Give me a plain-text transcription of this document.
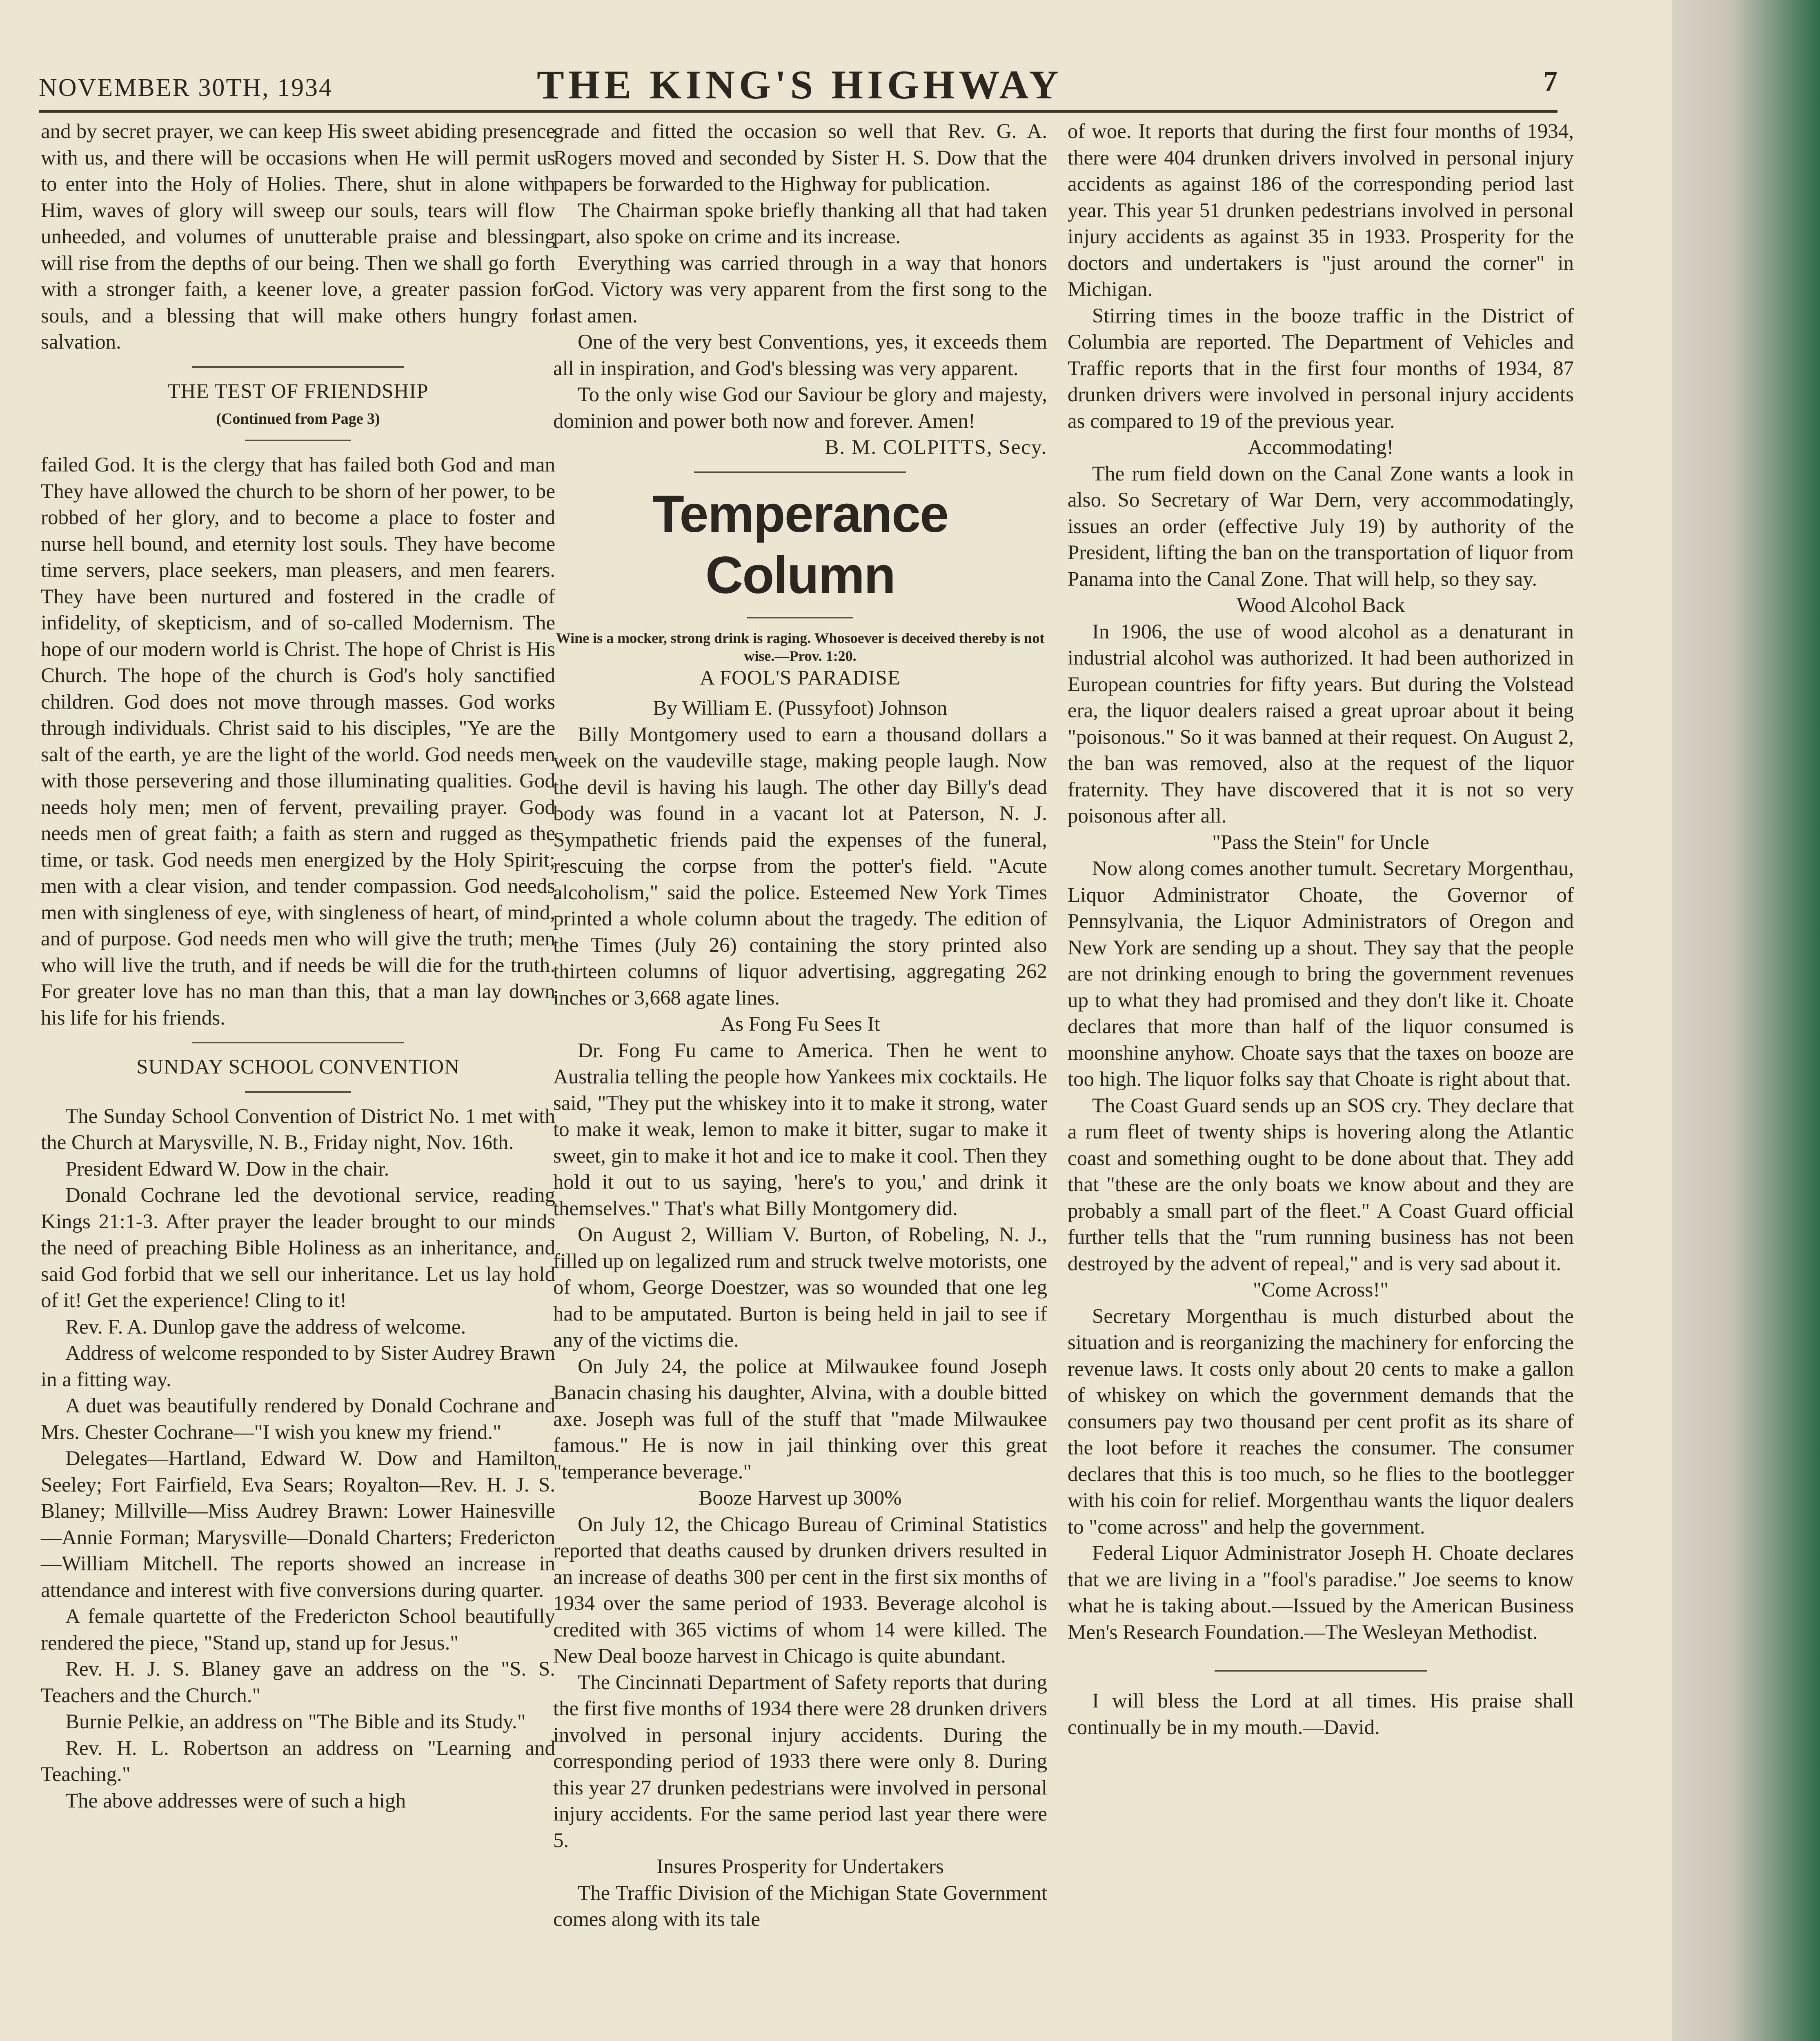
NOVEMBER 30TH, 1934	THE KING'S HIGHWAY	7

and by secret prayer, we can keep His sweet abiding presence with us, and there will be occasions when He will permit us to enter into the Holy of Holies. There, shut in alone with Him, waves of glory will sweep our souls, tears will flow unheeded, and volumes of unutterable praise and blessing will rise from the depths of our being. Then we shall go forth with a stronger faith, a keener love, a greater passion for souls, and a blessing that will make others hungry for salvation.

THE TEST OF FRIENDSHIP
(Continued from Page 3)

failed God. It is the clergy that has failed both God and man They have allowed the church to be shorn of her power, to be robbed of her glory, and to become a place to foster and nurse hell bound, and eternity lost souls. They have become time servers, place seekers, man pleasers, and men fearers. They have been nurtured and fostered in the cradle of infidelity, of skepticism, and of so-called Modernism. The hope of our modern world is Christ. The hope of Christ is His Church. The hope of the church is God's holy sanctified children. God does not move through masses. God works through individuals. Christ said to his disciples, "Ye are the salt of the earth, ye are the light of the world. God needs men with those persevering and those illuminating qualities. God needs holy men; men of fervent, prevailing prayer. God needs men of great faith; a faith as stern and rugged as the time, or task. God needs men energized by the Holy Spirit; men with a clear vision, and tender compassion. God needs men with singleness of eye, with singleness of heart, of mind, and of purpose. God needs men who will give the truth; men who will live the truth, and if needs be will die for the truth. For greater love has no man than this, that a man lay down his life for his friends.

SUNDAY SCHOOL CONVENTION

The Sunday School Convention of District No. 1 met with the Church at Marysville, N. B., Friday night, Nov. 16th.

President Edward W. Dow in the chair.

Donald Cochrane led the devotional service, reading Kings 21:1-3. After prayer the leader brought to our minds the need of preaching Bible Holiness as an inheritance, and said God forbid that we sell our inheritance. Let us lay hold of it! Get the experience! Cling to it!

Rev. F. A. Dunlop gave the address of welcome.

Address of welcome responded to by Sister Audrey Brawn in a fitting way.

A duet was beautifully rendered by Donald Cochrane and Mrs. Chester Cochrane—"I wish you knew my friend."

Delegates—Hartland, Edward W. Dow and Hamilton Seeley; Fort Fairfield, Eva Sears; Royalton—Rev. H. J. S. Blaney; Millville—Miss Audrey Brawn: Lower Hainesville—Annie Forman; Marysville—Donald Charters; Fredericton—William Mitchell. The reports showed an increase in attendance and interest with five conversions during quarter.

A female quartette of the Fredericton School beautifully rendered the piece, "Stand up, stand up for Jesus."

Rev. H. J. S. Blaney gave an address on the "S. S. Teachers and the Church."

Burnie Pelkie, an address on "The Bible and its Study."

Rev. H. L. Robertson an address on "Learning and Teaching."

The above addresses were of such a high

grade and fitted the occasion so well that Rev. G. A. Rogers moved and seconded by Sister H. S. Dow that the papers be forwarded to the Highway for publication.

The Chairman spoke briefly thanking all that had taken part, also spoke on crime and its increase.

Everything was carried through in a way that honors God. Victory was very apparent from the first song to the last amen.

One of the very best Conventions, yes, it exceeds them all in inspiration, and God's blessing was very apparent.

To the only wise God our Saviour be glory and majesty, dominion and power both now and forever. Amen!

B. M. COLPITTS, Secy.

Temperance Column
Wine is a mocker, strong drink is raging. Whosoever is deceived thereby is not wise.—Prov. 1:20.
A FOOL'S PARADISE

By William E. (Pussyfoot) Johnson

Billy Montgomery used to earn a thousand dollars a week on the vaudeville stage, making people laugh. Now the devil is having his laugh. The other day Billy's dead body was found in a vacant lot at Paterson, N. J. Sympathetic friends paid the expenses of the funeral, rescuing the corpse from the potter's field. "Acute alcoholism," said the police. Esteemed New York Times printed a whole column about the tragedy. The edition of the Times (July 26) containing the story printed also thirteen columns of liquor advertising, aggregating 262 inches or 3,668 agate lines.

As Fong Fu Sees It

Dr. Fong Fu came to America. Then he went to Australia telling the people how Yankees mix cocktails. He said, "They put the whiskey into it to make it strong, water to make it weak, lemon to make it bitter, sugar to make it sweet, gin to make it hot and ice to make it cool. Then they hold it out to us saying, 'here's to you,' and drink it themselves." That's what Billy Montgomery did.

On August 2, William V. Burton, of Robeling, N. J., filled up on legalized rum and struck twelve motorists, one of whom, George Doestzer, was so wounded that one leg had to be amputated. Burton is being held in jail to see if any of the victims die.

On July 24, the police at Milwaukee found Joseph Banacin chasing his daughter, Alvina, with a double bitted axe. Joseph was full of the stuff that "made Milwaukee famous." He is now in jail thinking over this great "temperance beverage."

Booze Harvest up 300%

On July 12, the Chicago Bureau of Criminal Statistics reported that deaths caused by drunken drivers resulted in an increase of deaths 300 per cent in the first six months of 1934 over the same period of 1933. Beverage alcohol is credited with 365 victims of whom 14 were killed. The New Deal booze harvest in Chicago is quite abundant.

The Cincinnati Department of Safety reports that during the first five months of 1934 there were 28 drunken drivers involved in personal injury accidents. During the corresponding period of 1933 there were only 8. During this year 27 drunken pedestrians were involved in personal injury accidents. For the same period last year there were 5.

Insures Prosperity for Undertakers

The Traffic Division of the Michigan State Government comes along with its tale

of woe. It reports that during the first four months of 1934, there were 404 drunken drivers involved in personal injury accidents as against 186 of the corresponding period last year. This year 51 drunken pedestrians involved in personal injury accidents as against 35 in 1933. Prosperity for the doctors and undertakers is "just around the corner" in Michigan.

Stirring times in the booze traffic in the District of Columbia are reported. The Department of Vehicles and Traffic reports that in the first four months of 1934, 87 drunken drivers were involved in personal injury accidents as compared to 19 of the previous year.

Accommodating!

The rum field down on the Canal Zone wants a look in also. So Secretary of War Dern, very accommodatingly, issues an order (effective July 19) by authority of the President, lifting the ban on the transportation of liquor from Panama into the Canal Zone. That will help, so they say.

Wood Alcohol Back

In 1906, the use of wood alcohol as a denaturant in industrial alcohol was authorized. It had been authorized in European countries for fifty years. But during the Volstead era, the liquor dealers raised a great uproar about it being "poisonous." So it was banned at their request. On August 2, the ban was removed, also at the request of the liquor fraternity. They have discovered that it is not so very poisonous after all.

"Pass the Stein" for Uncle

Now along comes another tumult. Secretary Morgenthau, Liquor Administrator Choate, the Governor of Pennsylvania, the Liquor Administrators of Oregon and New York are sending up a shout. They say that the people are not drinking enough to bring the government revenues up to what they had promised and they don't like it. Choate declares that more than half of the liquor consumed is moonshine anyhow. Choate says that the taxes on booze are too high. The liquor folks say that Choate is right about that.

The Coast Guard sends up an SOS cry. They declare that a rum fleet of twenty ships is hovering along the Atlantic coast and something ought to be done about that. They add that "these are the only boats we know about and they are probably a small part of the fleet." A Coast Guard official further tells that the "rum running business has not been destroyed by the advent of repeal," and is very sad about it.

"Come Across!"

Secretary Morgenthau is much disturbed about the situation and is reorganizing the machinery for enforcing the revenue laws. It costs only about 20 cents to make a gallon of whiskey on which the government demands that the consumers pay two thousand per cent profit as its share of the loot before it reaches the consumer. The consumer declares that this is too much, so he flies to the bootlegger with his coin for relief. Morgenthau wants the liquor dealers to "come across" and help the government.

Federal Liquor Administrator Joseph H. Choate declares that we are living in a "fool's paradise." Joe seems to know what he is taking about.—Issued by the American Business Men's Research Foundation.—The Wesleyan Methodist.

I will bless the Lord at all times. His praise shall continually be in my mouth.—David.
